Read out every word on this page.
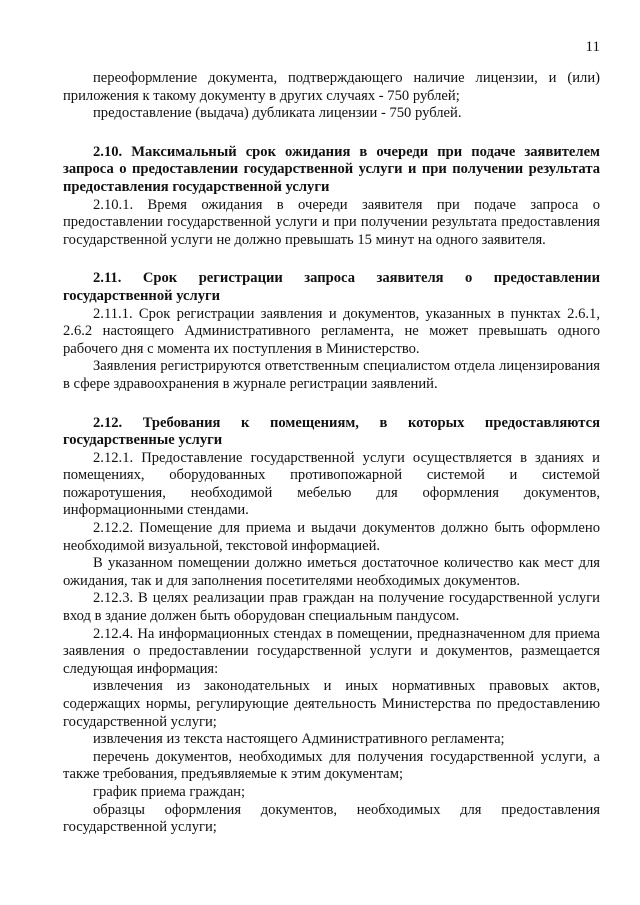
11

переоформление документа, подтверждающего наличие лицензии, и (или) приложения к такому документу в других случаях - 750 рублей;

предоставление (выдача) дубликата лицензии - 750 рублей.

2.10. Максимальный срок ожидания в очереди при подаче заявителем запроса о предоставлении государственной услуги и при получении результата предоставления государственной услуги

2.10.1. Время ожидания в очереди заявителя при подаче запроса о предоставлении государственной услуги и при получении результата предоставления государственной услуги не должно превышать 15 минут на одного заявителя.

2.11. Срок регистрации запроса заявителя о предоставлении государственной услуги

2.11.1. Срок регистрации заявления и документов, указанных в пунктах 2.6.1, 2.6.2 настоящего Административного регламента, не может превышать одного рабочего дня с момента их поступления в Министерство.

Заявления регистрируются ответственным специалистом отдела лицензирования в сфере здравоохранения в журнале регистрации заявлений.

2.12. Требования к помещениям, в которых предоставляются государственные услуги

2.12.1. Предоставление государственной услуги осуществляется в зданиях и помещениях, оборудованных противопожарной системой и системой пожаротушения, необходимой мебелью для оформления документов, информационными стендами.

2.12.2. Помещение для приема и выдачи документов должно быть оформлено необходимой визуальной, текстовой информацией.

В указанном помещении должно иметься достаточное количество как мест для ожидания, так и для заполнения посетителями необходимых документов.

2.12.3. В целях реализации прав граждан на получение государственной услуги вход в здание должен быть оборудован специальным пандусом.

2.12.4. На информационных стендах в помещении, предназначенном для приема заявления о предоставлении государственной услуги и документов, размещается следующая информация:

извлечения из законодательных и иных нормативных правовых актов, содержащих нормы, регулирующие деятельность Министерства по предоставлению государственной услуги;

извлечения из текста настоящего Административного регламента;

перечень документов, необходимых для получения государственной услуги, а также требования, предъявляемые к этим документам;

график приема граждан;

образцы оформления документов, необходимых для предоставления государственной услуги;
